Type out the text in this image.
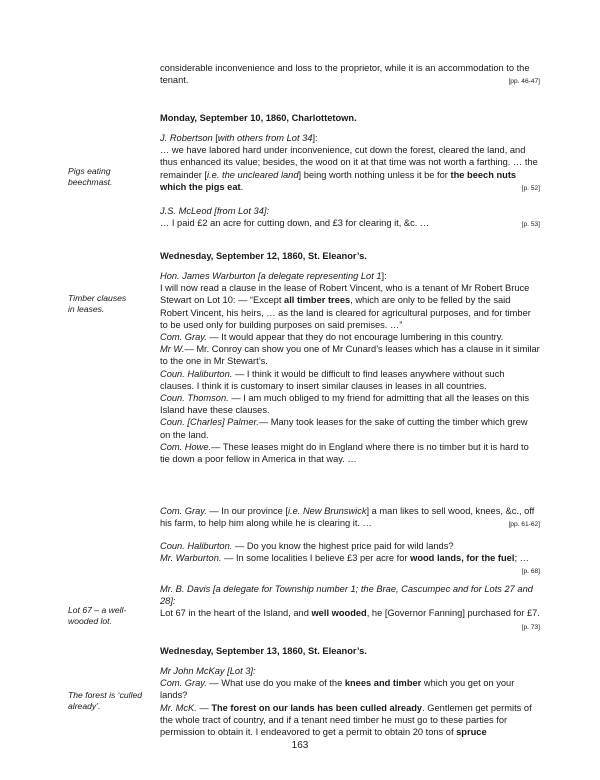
considerable inconvenience and loss to the proprietor, while it is an accommodation to the tenant.	[pp. 46-47]

Monday, September 10, 1860, Charlottetown.

J. Robertson [with others from Lot 34]:

… we have labored hard under inconvenience, cut down the forest, cleared the land, and thus enhanced its value; besides, the wood on it at that time was not worth a farthing. … the remainder [i.e. the uncleared land] being worth nothing unless it be for the beech nuts which the pigs eat.	[p. 52]

J.S. McLeod [from Lot 34]:

… I paid £2 an acre for cutting down, and £3 for clearing it, &c. …	[p. 53]

Wednesday, September 12, 1860, St. Eleanor’s.

Hon. James Warburton [a delegate representing Lot 1]:

I will now read a clause in the lease of Robert Vincent, who is a tenant of Mr Robert Bruce Stewart on Lot 10: — “Except all timber trees, which are only to be felled by the said Robert Vincent, his heirs, … as the land is cleared for agricultural purposes, and for timber to be used only for building purposes on said premises. …”

Com. Gray. — It would appear that they do not encourage lumbering in this country.

Mr W.— Mr. Conroy can show you one of Mr Cunard’s leases which has a clause in it similar to the one in Mr Stewart’s.

Coun. Haliburton. — I think it would be difficult to find leases anywhere without such clauses. I think it is customary to insert similar clauses in leases in all countries.

Coun. Thomson. — I am much obliged to my friend for admitting that all the leases on this Island have these clauses.

Coun. [Charles] Palmer.— Many took leases for the sake of cutting the timber which grew on the land.

Com. Howe.— These leases might do in England where there is no timber but it is hard to tie down a poor fellow in America in that way. …

Com. Gray. — In our province [i.e. New Brunswick] a man likes to sell wood, knees, &c., off his farm, to help him along while he is clearing it. …	[pp. 61-62]

Coun. Haliburton. — Do you know the highest price paid for wild lands?

Mr. Warburton. — In some localities I believe £3 per acre for wood lands, for the fuel; …
[p. 68]

Mr. B. Davis [a delegate for Township number 1; the Brae, Cascumpec and for Lots 27 and 28]:

Lot 67 in the heart of the Island, and well wooded, he [Governor Fanning] purchased for £7.
[p. 73]

Wednesday, September 13, 1860, St. Eleanor’s.

Mr John McKay [Lot 3]:

Com. Gray. — What use do you make of the knees and timber which you get on your lands?

Mr. McK. — The forest on our lands has been culled already. Gentlemen get permits of the whole tract of country, and if a tenant need timber he must go to these parties for permission to obtain it. I endeavored to get a permit to obtain 20 tons of spruce

Pigs eating beechmast.
Timber clauses in leases.
Lot 67 – a well-wooded lot.
The forest is ‘culled already’.
163
